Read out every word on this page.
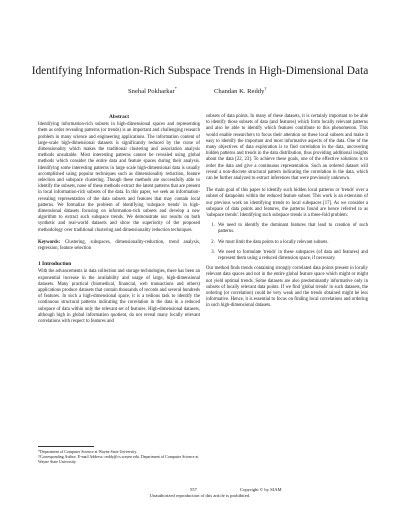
Identifying Information-Rich Subspace Trends in High-Dimensional Data
Snehal Pokharkar*	Chandan K. Reddy†
Abstract

Identifying information-rich subsets in high-dimensional spaces and representing them as order revealing patterns (or trends) is an important and challenging research problem in many science and engineering applications. The information content of large-scale high-dimensional datasets is significantly reduced by the curse of dimensionality which makes the traditional clustering and association analysis methods unsuitable. Most interesting patterns cannot be revealed using global methods which consider the entire data and feature spaces during their analysis. Identifying some interesting patterns in large scale high-dimensional data is usually accomplished using popular techniques such as dimensionality reduction, feature selection and subspace clustering. Though these methods are successfully able to identify the subsets, none of these methods extract the latent patterns that are present in local information-rich subsets of the data. In this paper, we seek an information-revealing representation of the data subsets and features that may contain local patterns. We formalize the problem of identifying 'subspace trends' in high-dimensional datasets focusing on information-rich subsets and develop a new algorithm to extract such subspace trends. We demonstrate our results on both synthetic and real-world datasets and show the superiority of the proposed methodology over traditional clustering and dimensionality reduction techniques.

Keywords: Clustering, subspaces, dimensionality-reduction, trend analysis, regression, feature selection

1 Introduction

With the advancements in data collection and storage technologies, there has been an exponential increase in the availability and usage of large, high-dimensional datasets. Many practical (biomedical, financial, web transactions and others) applications produce datasets that contain thousands of records and several hundreds of features. In such a high-dimensional space, it is a tedious task to identify the continuous structural patterns indicating the correlation in the data in a reduced subspace of data within only the relevant set of features. High-dimensional datasets, although high in global information quotient, do not reveal many locally relevant correlations with respect to features and

*Department of Computer Science at Wayne State University.
†Corresponding Author. E-mail Address: reddy@cs.wayne.edu. Department of Computer Science at Wayne State University.

subsets of data points. In many of these datasets, it is certainly important to be able to identify those subsets of data (and features) which form locally relevant patterns and also be able to identify which features contribute to this phenomenon. This would enable researchers to focus their attention on these local subsets and make it easy to identify the important and most informative aspects of the data. One of the many objectives of data exploration is to find correlation in the data, uncovering hidden patterns and trends in the data distribution, thus providing additional insights about the data [22, 23]. To achieve these goals, one of the effective solutions is to order the data and give a continuous representation. Such an ordered dataset will reveal a non-discrete structural pattern indicating the correlation in the data, which can be further analyzed to extract inferences that were previously unknown.

The main goal of this paper to identify such hidden local patterns or 'trends' over a subset of datapoints within the reduced feature subset. This work is an extension of our previous work on identifying trends to local subspaces [17]. As we consider a subspace of data points and features, the patterns found are hence referred to as 'subspace trends'. Identifying such subspace trends is a three-fold problem:

1. We need to identify the dominant features that lead to creation of such patterns.
2. We must limit the data points to a locally relevant subsets.
3. We need to formulate 'trends' in these subspaces (of data and features) and represent them using a reduced dimension space, if necessary.

Our method finds trends containing strongly correlated data points present in locally relevant data spaces and not in the entire global feature space which might or might not yield optimal trends. Some datasets are also predominantly informative only in subsets of locally relevant data points. If we find 'global trends' in such datasets, the ordering (or correlation) could be very weak and the trends obtained might be less informative. Hence, it is essential to focus on finding local correlations and ordering in such high-dimensional datasets.

557	Copyright © by SIAM
Unauthorized reproduction of this article is prohibited.
